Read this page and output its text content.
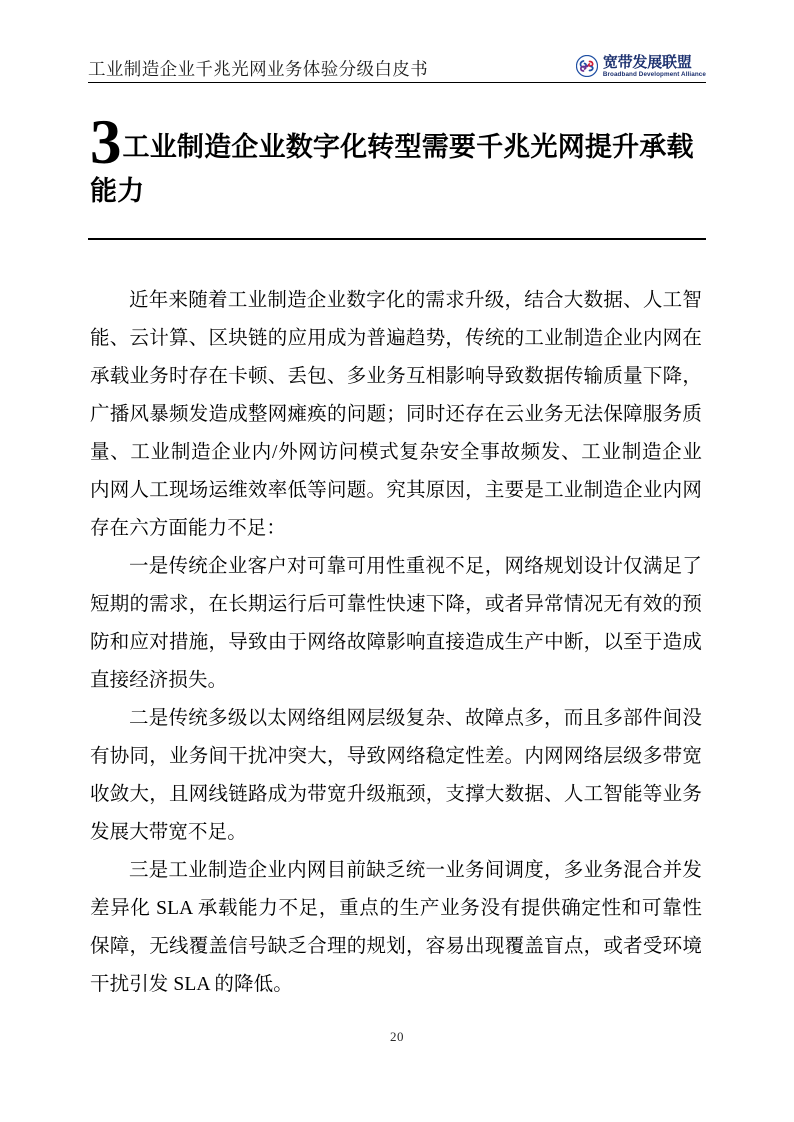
工业制造企业千兆光网业务体验分级白皮书	宽带发展联盟
Broadband Development Alliance
3工业制造企业数字化转型需要千兆光网提升承载能力

近年来随着工业制造企业数字化的需求升级，结合大数据、人工智能、云计算、区块链的应用成为普遍趋势，传统的工业制造企业内网在承载业务时存在卡顿、丢包、多业务互相影响导致数据传输质量下降，广播风暴频发造成整网瘫痪的问题；同时还存在云业务无法保障服务质量、工业制造企业内/外网访问模式复杂安全事故频发、工业制造企业内网人工现场运维效率低等问题。究其原因，主要是工业制造企业内网存在六方面能力不足：

一是传统企业客户对可靠可用性重视不足，网络规划设计仅满足了短期的需求，在长期运行后可靠性快速下降，或者异常情况无有效的预防和应对措施，导致由于网络故障影响直接造成生产中断，以至于造成直接经济损失。

二是传统多级以太网络组网层级复杂、故障点多，而且多部件间没有协同，业务间干扰冲突大，导致网络稳定性差。内网网络层级多带宽收敛大，且网线链路成为带宽升级瓶颈，支撑大数据、人工智能等业务发展大带宽不足。

三是工业制造企业内网目前缺乏统一业务间调度，多业务混合并发差异化 SLA 承载能力不足，重点的生产业务没有提供确定性和可靠性保障，无线覆盖信号缺乏合理的规划，容易出现覆盖盲点，或者受环境干扰引发 SLA 的降低。

20
